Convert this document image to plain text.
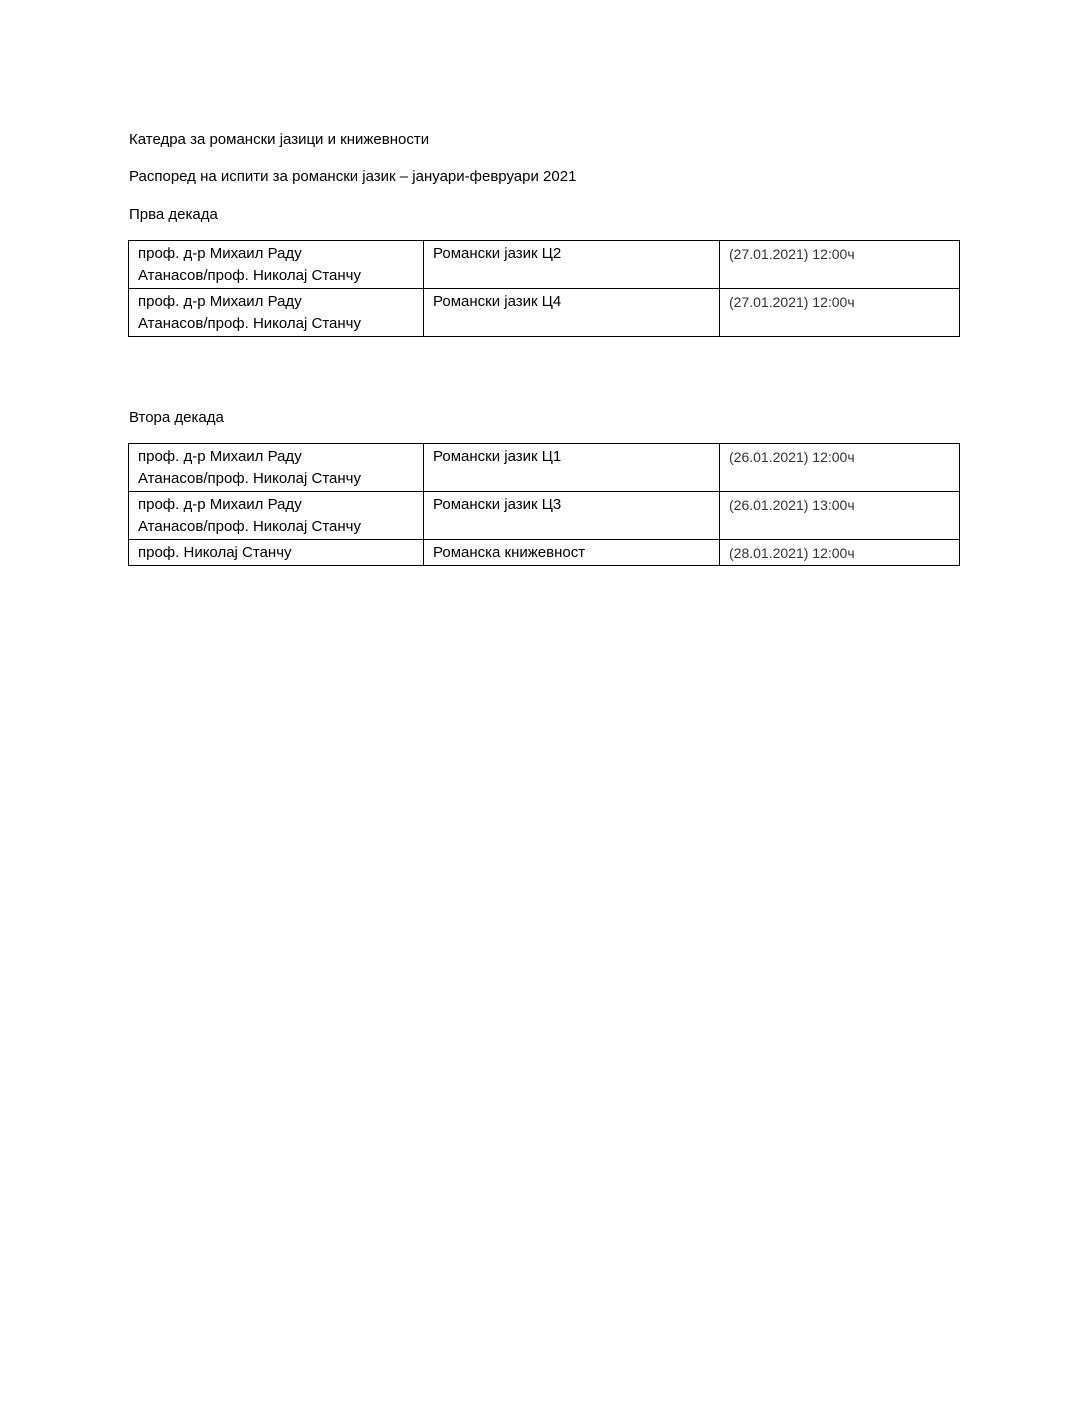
Катедра за романски јазици и книжевности
Распоред на испити за романски јазик – јануари-февруари 2021
Прва декада
проф. д-р Михаил Раду
Атанасов/проф. Николај Станчу	Романски јазик Ц2	(27.01.2021) 12:00ч

проф. д-р Михаил Раду
Атанасов/проф. Николај Станчу	Романски јазик Ц4	(27.01.2021) 12:00ч
Втора декада
проф. д-р Михаил Раду
Атанасов/проф. Николај Станчу	Романски јазик Ц1	(26.01.2021) 12:00ч

проф. д-р Михаил Раду
Атанасов/проф. Николај Станчу	Романски јазик Ц3	(26.01.2021) 13:00ч

проф. Николај Станчу	Романска книжевност	(28.01.2021) 12:00ч
